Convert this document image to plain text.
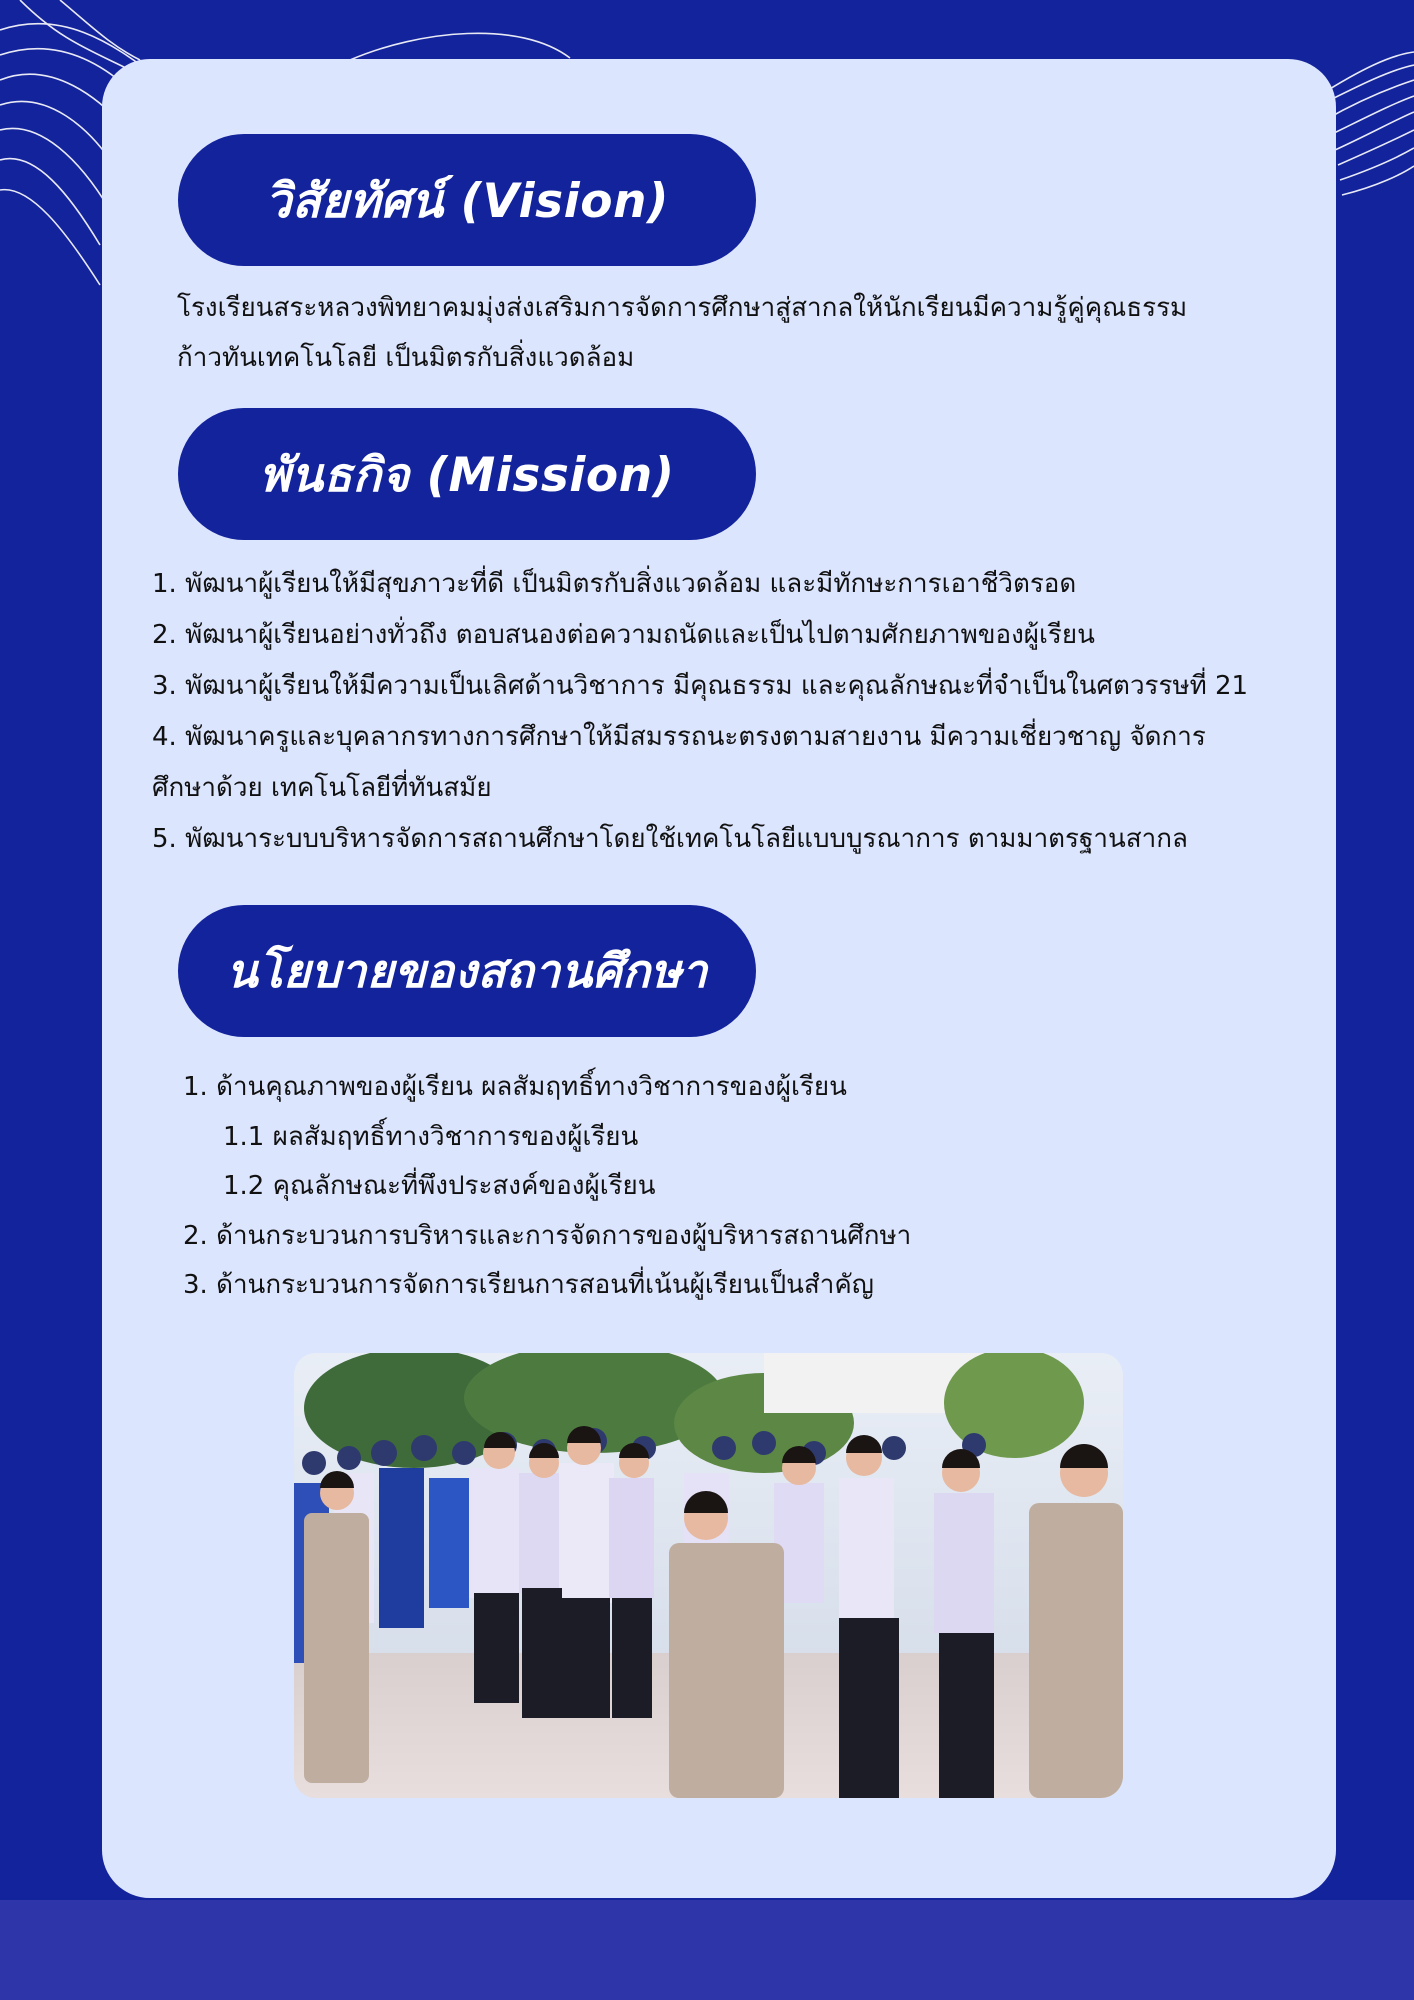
วิสัยทัศน์ (Vision)
โรงเรียนสระหลวงพิทยาคมมุ่งส่งเสริมการจัดการศึกษาสู่สากลให้นักเรียนมีความรู้คู่คุณธรรม
ก้าวทันเทคโนโลยี เป็นมิตรกับสิ่งแวดล้อม
พันธกิจ (Mission)
1. พัฒนาผู้เรียนให้มีสุขภาวะที่ดี เป็นมิตรกับสิ่งแวดล้อม และมีทักษะการเอาชีวิตรอด
2. พัฒนาผู้เรียนอย่างทั่วถึง ตอบสนองต่อความถนัดและเป็นไปตามศักยภาพของผู้เรียน
3. พัฒนาผู้เรียนให้มีความเป็นเลิศด้านวิชาการ มีคุณธรรม และคุณลักษณะที่จำเป็นในศตวรรษที่ 21
4. พัฒนาครูและบุคลากรทางการศึกษาให้มีสมรรถนะตรงตามสายงาน มีความเชี่ยวชาญ จัดการ
ศึกษาด้วย เทคโนโลยีที่ทันสมัย
5. พัฒนาระบบบริหารจัดการสถานศึกษาโดยใช้เทคโนโลยีแบบบูรณาการ ตามมาตรฐานสากล
นโยบายของสถานศึกษา
1. ด้านคุณภาพของผู้เรียน ผลสัมฤทธิ์ทางวิชาการของผู้เรียน
1.1 ผลสัมฤทธิ์ทางวิชาการของผู้เรียน
1.2 คุณลักษณะที่พึงประสงค์ของผู้เรียน
2. ด้านกระบวนการบริหารและการจัดการของผู้บริหารสถานศึกษา
3. ด้านกระบวนการจัดการเรียนการสอนที่เน้นผู้เรียนเป็นสำคัญ
